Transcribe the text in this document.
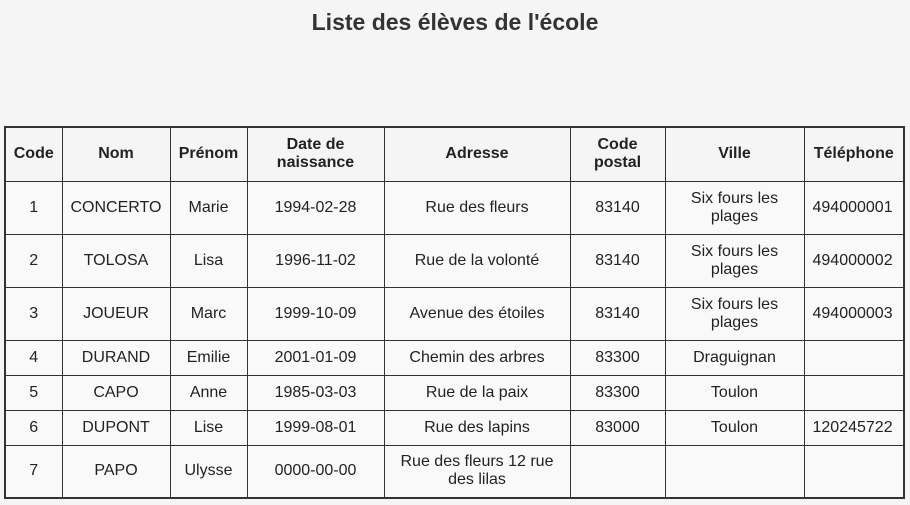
Liste des élèves de l'école
Code	Nom	Prénom	Date de naissance	Adresse	Code postal	Ville	Téléphone
1	CONCERTO	Marie	1994-02-28	Rue des fleurs	83140	Six fours les plages	494000001
2	TOLOSA	Lisa	1996-11-02	Rue de la volonté	83140	Six fours les plages	494000002
3	JOUEUR	Marc	1999-10-09	Avenue des étoiles	83140	Six fours les plages	494000003
4	DURAND	Emilie	2001-01-09	Chemin des arbres	83300	Draguignan	
5	CAPO	Anne	1985-03-03	Rue de la paix	83300	Toulon	
6	DUPONT	Lise	1999-08-01	Rue des lapins	83000	Toulon	120245722
7	PAPO	Ulysse	0000-00-00	Rue des fleurs 12 rue des lilas			
